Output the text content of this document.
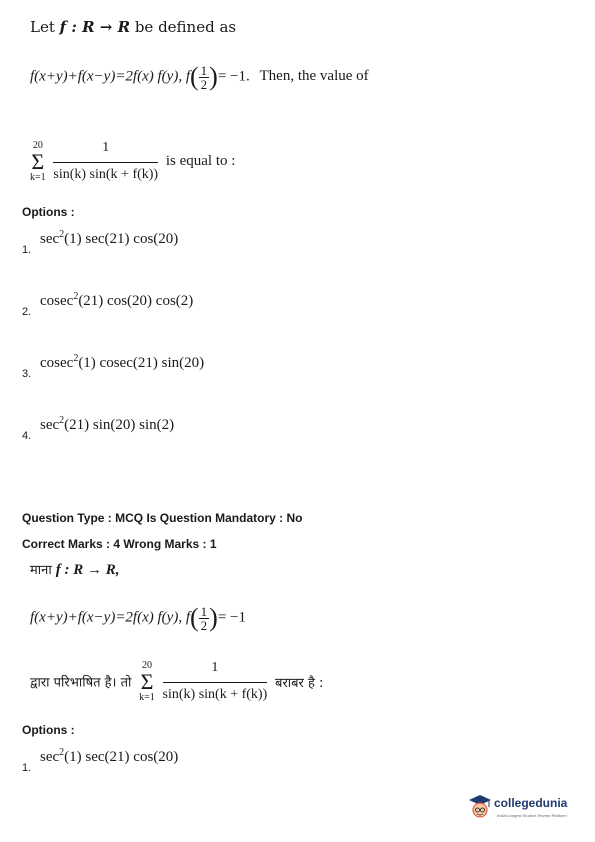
Let f : R → R be defined as
f(x+y)+f(x−y)=2f(x) f(y), $f( \frac{1}{2}$ )= −1. Then, the value of
20
Σ
k=1
$\frac{1}{\sin(k) \sin(k + f(k))}$ is equal to :
Options :
1.
$\sec^2(1)$ sec(21) cos(20)
2.
cosec$^2$(21) cos(20) cos(2)
3.
cosec$^2$(1) cosec(21) sin(20)
4.
$\sec^2(21)$ sin(20) sin(2)
Question Type : MCQ Is Question Mandatory : No
Correct Marks : 4 Wrong Marks : 1
माना f : R → R,
f(x+y)+f(x−y)=2f(x) f(y), $f( \frac{1}{2}$ )= −1
द्वारा परिभाषित है। तो
20
Σ
k=1
$\frac{1}{\sin(k) \sin(k + f(k))}$ बराबर है :
Options :
1.
$\sec^2(1)$ sec(21) cos(20)
collegedunia
India's largest Student Review Platform
